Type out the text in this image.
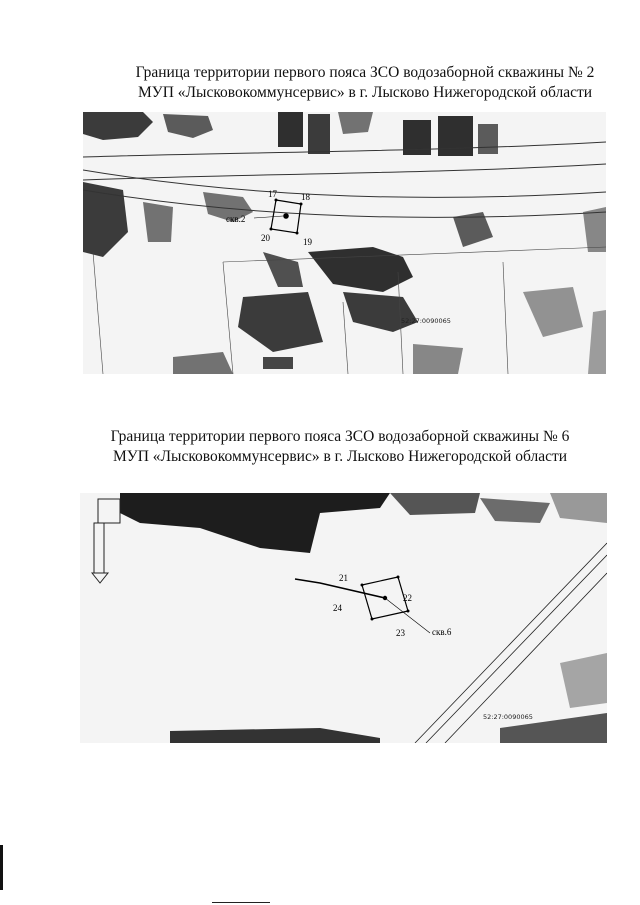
Граница территории первого пояса ЗСО водозаборной скважины № 2
МУП «Лысковокоммунсервис» в г. Лысково Нижегородской области
скв.2
17	18
19
20
52:27:0090065
Граница территории первого пояса ЗСО водозаборной скважины № 6
МУП «Лысковокоммунсервис» в г. Лысково Нижегородской области
21
22
23
24
скв.6
52:27:0090065
